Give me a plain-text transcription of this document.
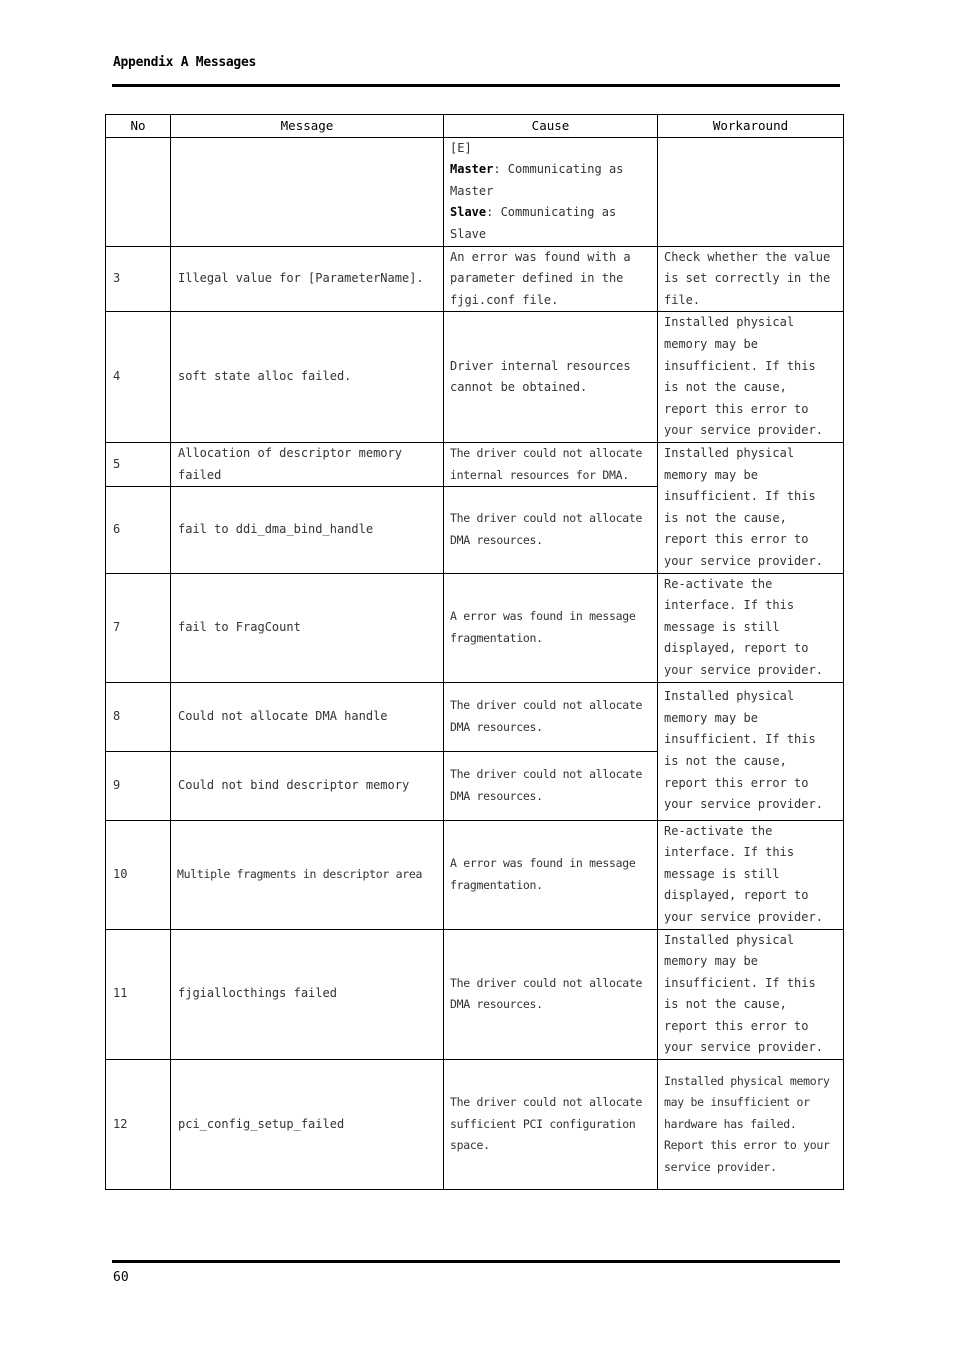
Appendix A Messages
No	Message	Cause	Workaround

		[E]
Master: Communicating as Master
Slave: Communicating as Slave	

3	Illegal value for [ParameterName].	An error was found with a parameter defined in the fjgi.conf file.	Check whether the value is set correctly in the file.
4	soft state alloc failed.	Driver internal resources cannot be obtained.	Installed physical memory may be insufficient. If this is not the cause, report this error to your service provider.
5	Allocation of descriptor memory failed	The driver could not allocate internal resources for DMA.	Installed physical memory may be insufficient. If this is not the cause, report this error to your service provider.
6	fail to ddi_dma_bind_handle	The driver could not allocate DMA resources.	
7	fail to FragCount	A error was found in message fragmentation.	Re-activate the interface. If this message is still displayed, report to your service provider.
8	Could not allocate DMA handle	The driver could not allocate DMA resources.	Installed physical memory may be insufficient. If this is not the cause, report this error to your service provider.
9	Could not bind descriptor memory	The driver could not allocate DMA resources.	
10	Multiple fragments in descriptor area	A error was found in message fragmentation.	Re-activate the interface. If this message is still displayed, report to your service provider.
11	fjgiallocthings failed	The driver could not allocate DMA resources.	Installed physical memory may be insufficient. If this is not the cause, report this error to your service provider.
12	pci_config_setup_failed	The driver could not allocate sufficient PCI configuration space.	Installed physical memory may be insufficient or hardware has failed. Report this error to your service provider.
60
